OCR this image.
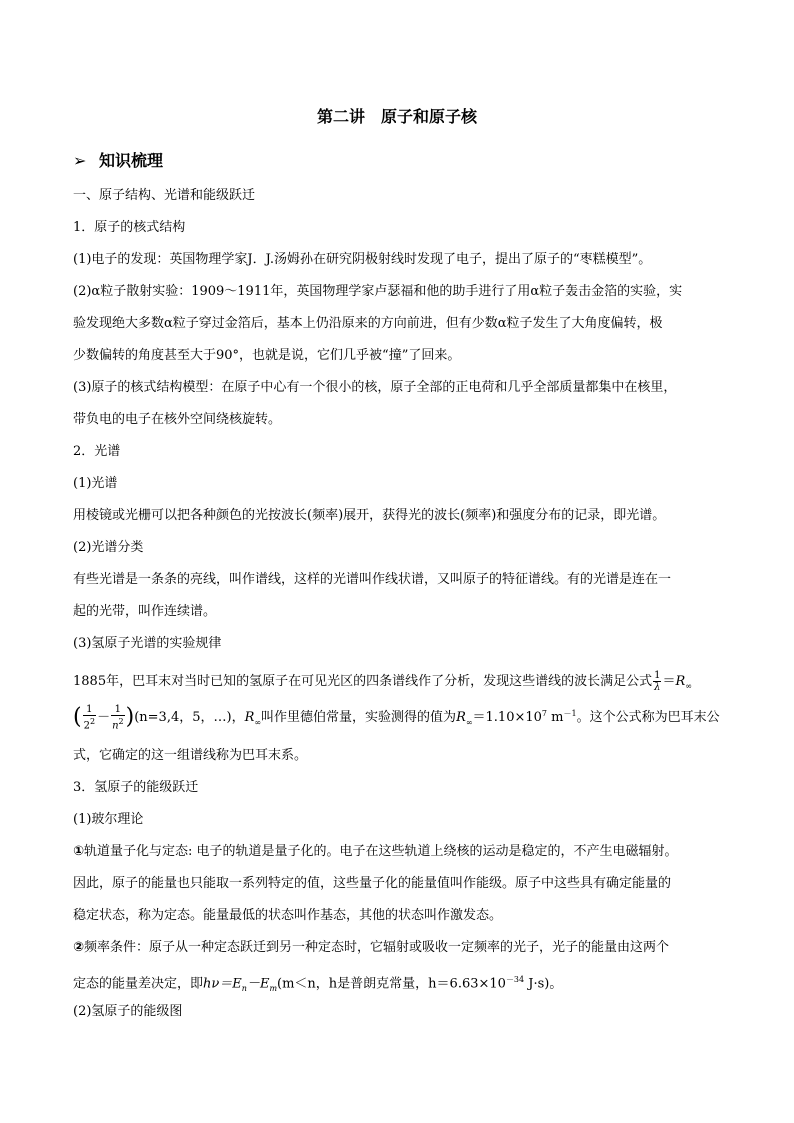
第二讲　原子和原子核
➢ 知识梳理
一、原子结构、光谱和能级跃迁
1．原子的核式结构
(1)电子的发现：英国物理学家J．J.汤姆孙在研究阴极射线时发现了电子，提出了原子的“枣糕模型”。
(2)α粒子散射实验：1909～1911年，英国物理学家卢瑟福和他的助手进行了用α粒子轰击金箔的实验，实
验发现绝大多数α粒子穿过金箔后，基本上仍沿原来的方向前进，但有少数α粒子发生了大角度偏转，极
少数偏转的角度甚至大于90°，也就是说，它们几乎被“撞”了回来。
(3)原子的核式结构模型：在原子中心有一个很小的核，原子全部的正电荷和几乎全部质量都集中在核里，
带负电的电子在核外空间绕核旋转。
2．光谱
(1)光谱
用棱镜或光栅可以把各种颜色的光按波长(频率)展开，获得光的波长(频率)和强度分布的记录，即光谱。
(2)光谱分类
有些光谱是一条条的亮线，叫作谱线，这样的光谱叫作线状谱，又叫原子的特征谱线。有的光谱是连在一
起的光带，叫作连续谱。
(3)氢原子光谱的实验规律
1885年，巴耳末对当时已知的氢原子在可见光区的四条谱线作了分析，发现这些谱线的波长满足公式 $\frac{1}{\lambda} =R_\infty$
( $\frac{1}{2^2} - \frac{1}{n^2} )(n=3,4$，5，…)，$R_\infty$叫作里德伯常量，实验测得的值为$R_\infty=1.10\times 10^7$ $m^{-1}$。这个公式称为巴耳末公
式，它确定的这一组谱线称为巴耳末系。
3．氢原子的能级跃迁
(1)玻尔理论
①轨道量子化与定态: 电子的轨道是量子化的。电子在这些轨道上绕核的运动是稳定的，不产生电磁辐射。
因此，原子的能量也只能取一系列特定的值，这些量子化的能量值叫作能级。原子中这些具有确定能量的
稳定状态，称为定态。能量最低的状态叫作基态，其他的状态叫作激发态。
②频率条件：原子从一种定态跃迁到另一种定态时，它辐射或吸收一定频率的光子，光子的能量由这两个
定态的能量差决定，即$h\nu=E_n-E_m(m<n$，h是普朗克常量，$h=6.63\times 10^{-34}$ J·s)。
(2)氢原子的能级图
